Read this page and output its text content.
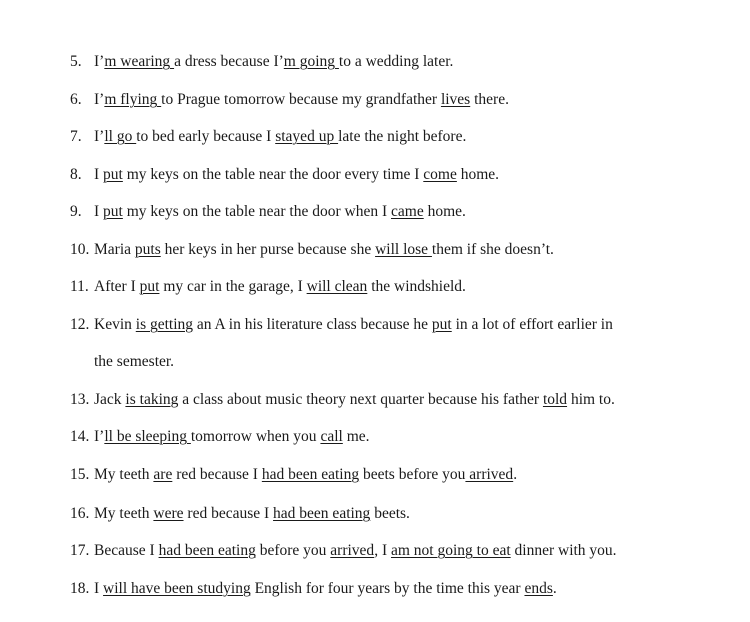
5. I’m wearing a dress because I’m going to a wedding later.
6. I’m flying to Prague tomorrow because my grandfather lives there.
7. I’ll go to bed early because I stayed up late the night before.
8. I put my keys on the table near the door every time I come home.
9. I put my keys on the table near the door when I came home.
10. Maria puts her keys in her purse because she will lose them if she doesn’t.
11. After I put my car in the garage, I will clean the windshield.
12. Kevin is getting an A in his literature class because he put in a lot of effort earlier in
the semester.
13. Jack is taking a class about music theory next quarter because his father told him to.
14. I’ll be sleeping tomorrow when you call me.
15. My teeth are red because I had been eating beets before you arrived.
16. My teeth were red because I had been eating beets.
17. Because I had been eating before you arrived, I am not going to eat dinner with you.
18. I will have been studying English for four years by the time this year ends.
